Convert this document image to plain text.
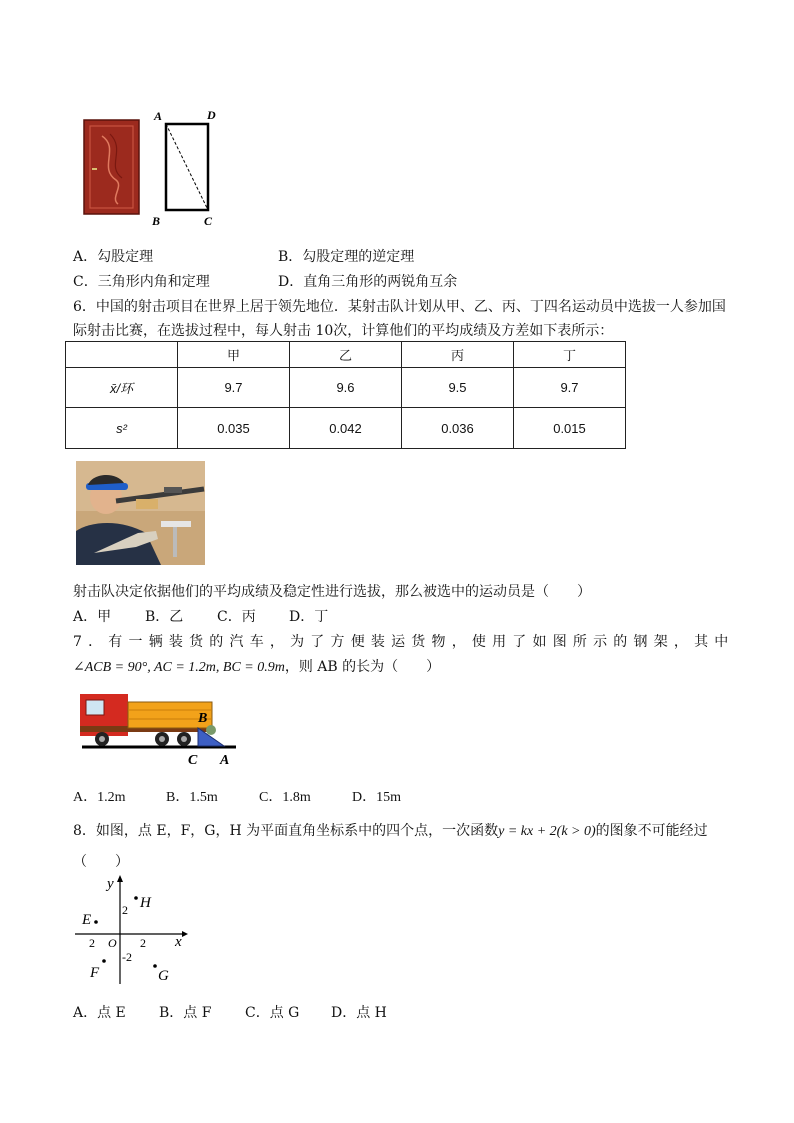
A	D
B	C
A．勾股定理	B．勾股定理的逆定理
C．三角形内角和定理	D．直角三角形的两锐角互余
6．中国的射击项目在世界上居于领先地位．某射击队计划从甲、乙、丙、丁四名运动员中选拔一人参加国
际射击比赛，在选拔过程中，每人射击 10次，计算他们的平均成绩及方差如下表所示：
	甲	乙	丙	丁
x̄/环	9.7	9.6	9.5	9.7
s²	0.035	0.042	0.036	0.015
射击队决定依据他们的平均成绩及稳定性进行选拔，那么被选中的运动员是（　　）
A．甲 B．乙 C．丙 D．丁
7．有一辆装货的汽车，为了方便装运货物，使用了如图所示的钢架，其中
∠ACB = 90°, AC = 1.2m, BC = 0.9m，则 AB 的长为（　　）
B
C A
A．1.2m	B．1.5m	C．1.8m	D．15m
8．如图，点 E，F，G，H 为平面直角坐标系中的四个点，一次函数y = kx + 2(k > 0)的图象不可能经过
（　　）
x
y
O
2	2
2
-2
H
E
F	G
A．点 E B．点 F C．点 G D．点 H
